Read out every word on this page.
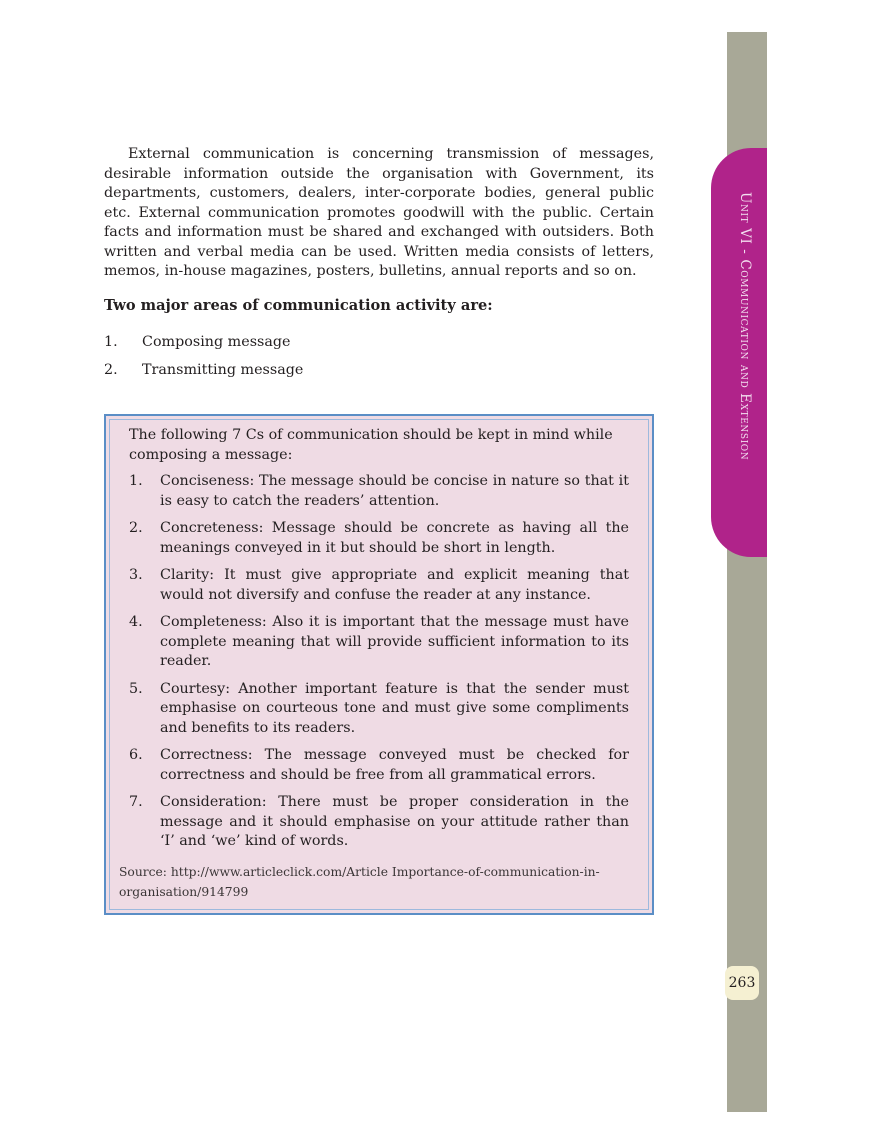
Unit VI - Communication and Extension
263

External communication is concerning transmission of messages, desirable information outside the organisation with Government, its departments, customers, dealers, inter-corporate bodies, general public etc. External communication promotes goodwill with the public. Certain facts and information must be shared and exchanged with outsiders. Both written and verbal media can be used. Written media consists of letters, memos, in-house magazines, posters, bulletins, annual reports and so on.

Two major areas of communication activity are:

1. Composing message
2. Transmitting message

The following 7 Cs of communication should be kept in mind while composing a message:

1. Conciseness: The message should be concise in nature so that it is easy to catch the readers’ attention.
2. Concreteness: Message should be concrete as having all the meanings conveyed in it but should be short in length.
3. Clarity: It must give appropriate and explicit meaning that would not diversify and confuse the reader at any instance.
4. Completeness: Also it is important that the message must have complete meaning that will provide sufficient information to its reader.
5. Courtesy: Another important feature is that the sender must emphasise on courteous tone and must give some compliments and benefits to its readers.
6. Correctness: The message conveyed must be checked for correctness and should be free from all grammatical errors.
7. Consideration: There must be proper consideration in the message and it should emphasise on your attitude rather than ‘I’ and ‘we’ kind of words.

Source: http://www.articleclick.com/Article Importance-of-communication-in-organisation/914799
